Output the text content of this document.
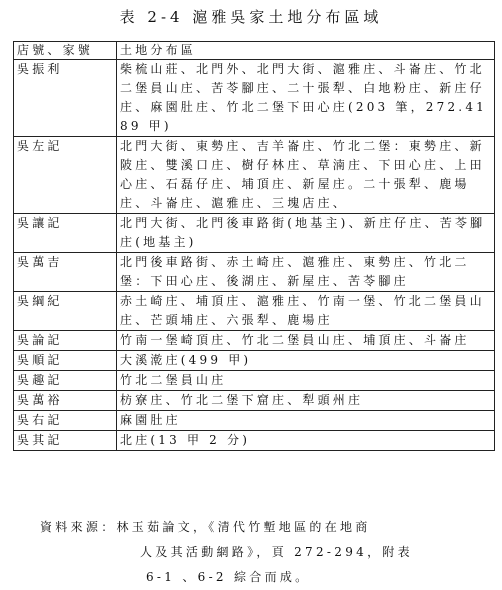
表 2-4 滬雅吳家土地分布區域
店號、家號	土地分布區
吳振利	柴梳山莊、北門外、北門大街、滬雅庄、斗崙庄、竹北二堡員山庄、苦苓腳庄、二十張犁、白地粉庄、新庄仔庄、麻園肚庄、竹北二堡下田心庄(203 筆，272.4189 甲)
吳左記	北門大街、東勢庄、吉羊崙庄、竹北二堡：東勢庄、新陂庄、雙溪口庄、樹仔林庄、草湳庄、下田心庄、上田心庄、石磊仔庄、埔頂庄、新屋庄。二十張犁、鹿場庄、斗崙庄、滬雅庄、三塊店庄、
吳讓記	北門大街、北門後車路街(地基主)、新庄仔庄、苦苓腳庄(地基主)
吳萬吉	北門後車路街、赤土崎庄、滬雅庄、東勢庄、竹北二堡：下田心庄、後湖庄、新屋庄、苦苓腳庄
吳綱紀	赤土崎庄、埔頂庄、滬雅庄、竹南一堡、竹北二堡員山庄、芒頭埔庄、六張犁、鹿場庄
吳論記	竹南一堡崎頂庄、竹北二堡員山庄、埔頂庄、斗崙庄
吳順記	大溪漧庄(499 甲)
吳趣記	竹北二堡員山庄
吳萬裕	枋寮庄、竹北二堡下窟庄、犁頭州庄
吳右記	麻園肚庄
吳其記	北庄(13 甲 2 分)
資料來源：林玉茹論文，《清代竹塹地區的在地商
人及其活動網路》，頁 272-294，附表
6-1 、6-2 綜合而成。
